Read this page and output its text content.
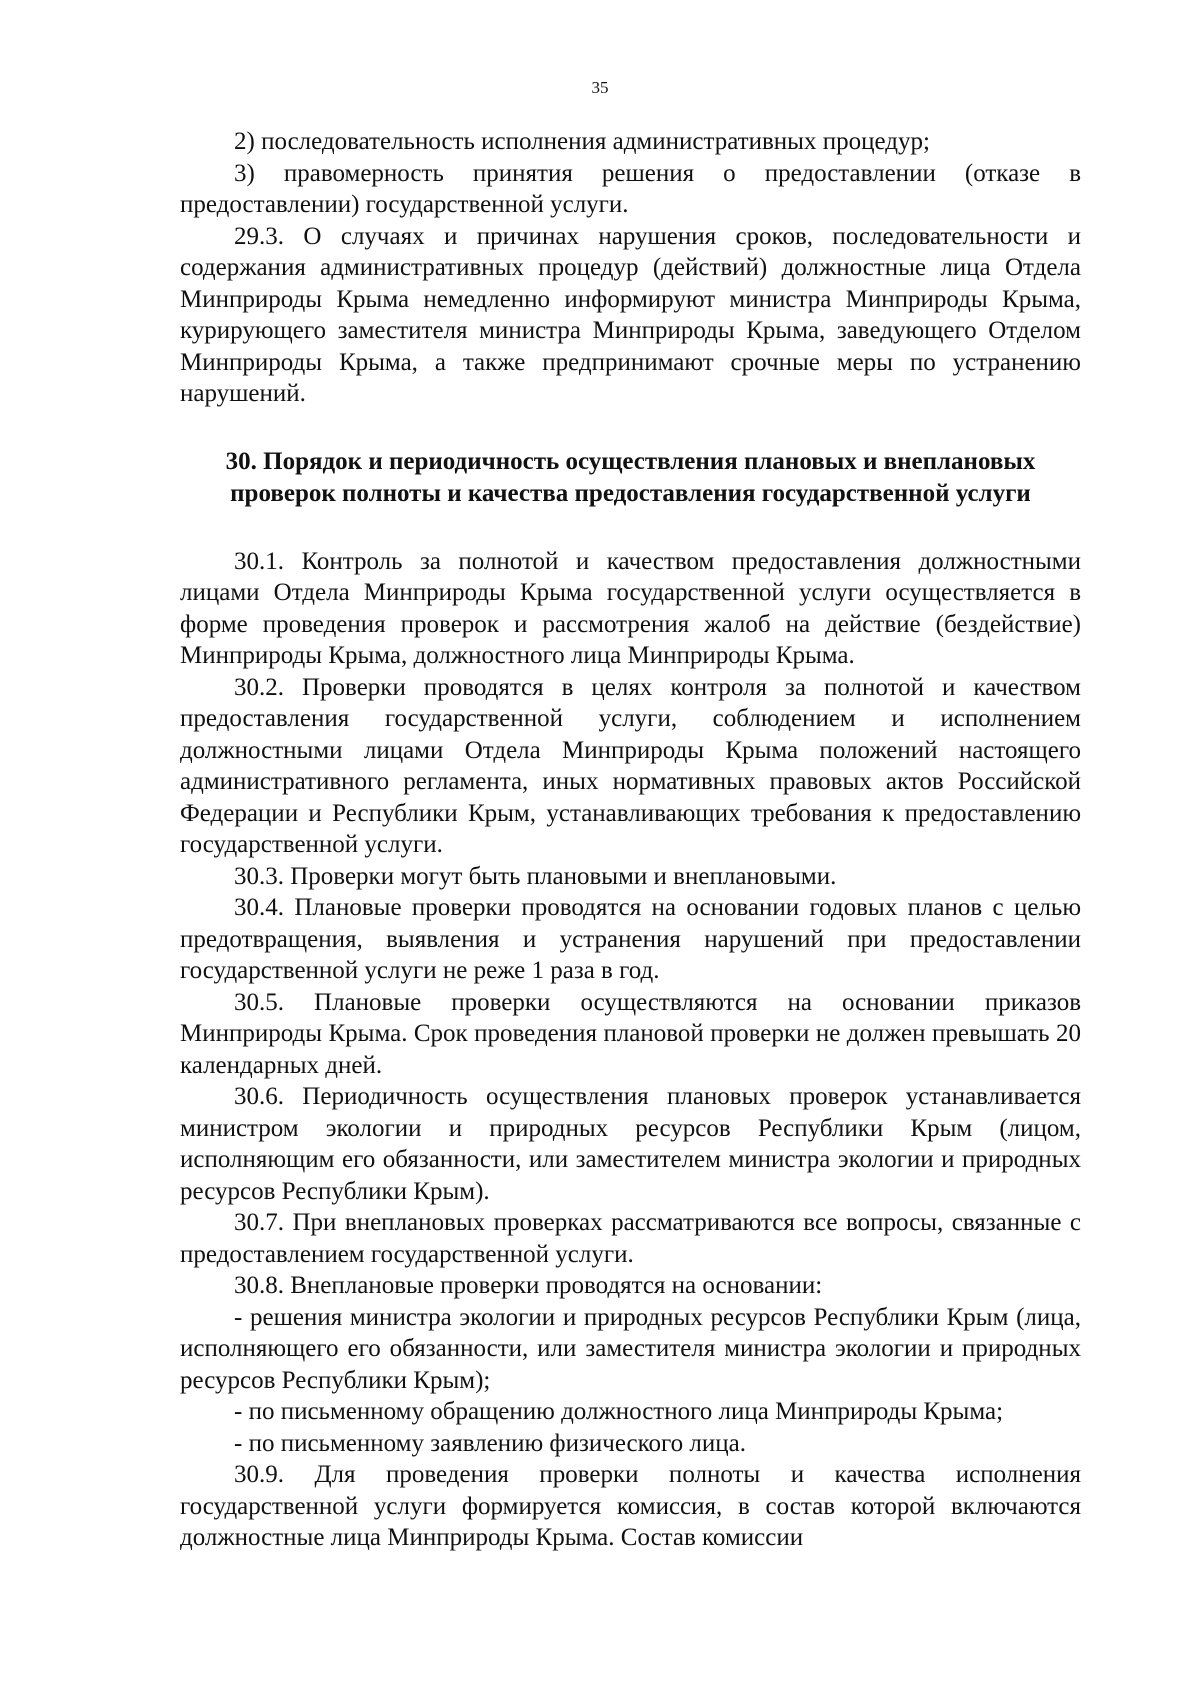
35

2) последовательность исполнения административных процедур;

3) правомерность принятия решения о предоставлении (отказе в предоставлении) государственной услуги.

29.3. О случаях и причинах нарушения сроков, последовательности и содержания административных процедур (действий) должностные лица Отдела Минприроды Крыма немедленно информируют министра Минприроды Крыма, курирующего заместителя министра Минприроды Крыма, заведующего Отделом Минприроды Крыма, а также предпринимают срочные меры по устранению нарушений.

30. Порядок и периодичность осуществления плановых и внеплановых проверок полноты и качества предоставления государственной услуги

30.1. Контроль за полнотой и качеством предоставления должностными лицами Отдела Минприроды Крыма государственной услуги осуществляется в форме проведения проверок и рассмотрения жалоб на действие (бездействие) Минприроды Крыма, должностного лица Минприроды Крыма.

30.2. Проверки проводятся в целях контроля за полнотой и качеством предоставления государственной услуги, соблюдением и исполнением должностными лицами Отдела Минприроды Крыма положений настоящего административного регламента, иных нормативных правовых актов Российской Федерации и Республики Крым, устанавливающих требования к предоставлению государственной услуги.

30.3. Проверки могут быть плановыми и внеплановыми.

30.4. Плановые проверки проводятся на основании годовых планов с целью предотвращения, выявления и устранения нарушений при предоставлении государственной услуги не реже 1 раза в год.

30.5. Плановые проверки осуществляются на основании приказов Минприроды Крыма. Срок проведения плановой проверки не должен превышать 20 календарных дней.

30.6. Периодичность осуществления плановых проверок устанавливается министром экологии и природных ресурсов Республики Крым (лицом, исполняющим его обязанности, или заместителем министра экологии и природных ресурсов Республики Крым).

30.7. При внеплановых проверках рассматриваются все вопросы, связанные с предоставлением государственной услуги.

30.8. Внеплановые проверки проводятся на основании:

- решения министра экологии и природных ресурсов Республики Крым (лица, исполняющего его обязанности, или заместителя министра экологии и природных ресурсов Республики Крым);

- по письменному обращению должностного лица Минприроды Крыма;

- по письменному заявлению физического лица.

30.9. Для проведения проверки полноты и качества исполнения государственной услуги формируется комиссия, в состав которой включаются должностные лица Минприроды Крыма. Состав комиссии
